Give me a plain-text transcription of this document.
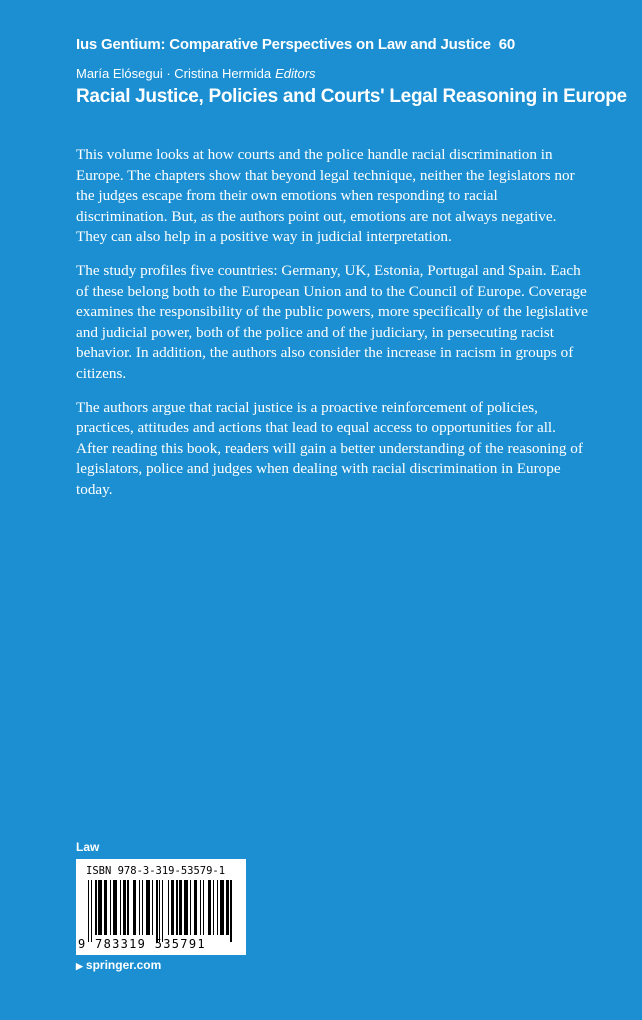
Ius Gentium: Comparative Perspectives on Law and Justice 60
María Elósegui · Cristina Hermida Editors
Racial Justice, Policies and Courts' Legal Reasoning in Europe

This volume looks at how courts and the police handle racial discrimination in Europe. The chapters show that beyond legal technique, neither the legislators nor the judges escape from their own emotions when responding to racial discrimination. But, as the authors point out, emotions are not always negative. They can also help in a positive way in judicial interpretation.

The study profiles five countries: Germany, UK, Estonia, Portugal and Spain. Each of these belong both to the European Union and to the Council of Europe. Coverage examines the responsibility of the public powers, more specifically of the legislative and judicial power, both of the police and of the judiciary, in persecuting racist behavior. In addition, the authors also consider the increase in racism in groups of citizens.

The authors argue that racial justice is a proactive reinforcement of policies, practices, attitudes and actions that lead to equal access to opportunities for all. After reading this book, readers will gain a better understanding of the reasoning of legislators, police and judges when dealing with racial discrimination in Europe today.

Law
ISBN 978-3-319-53579-1
9 783319 535791
▶ springer.com
